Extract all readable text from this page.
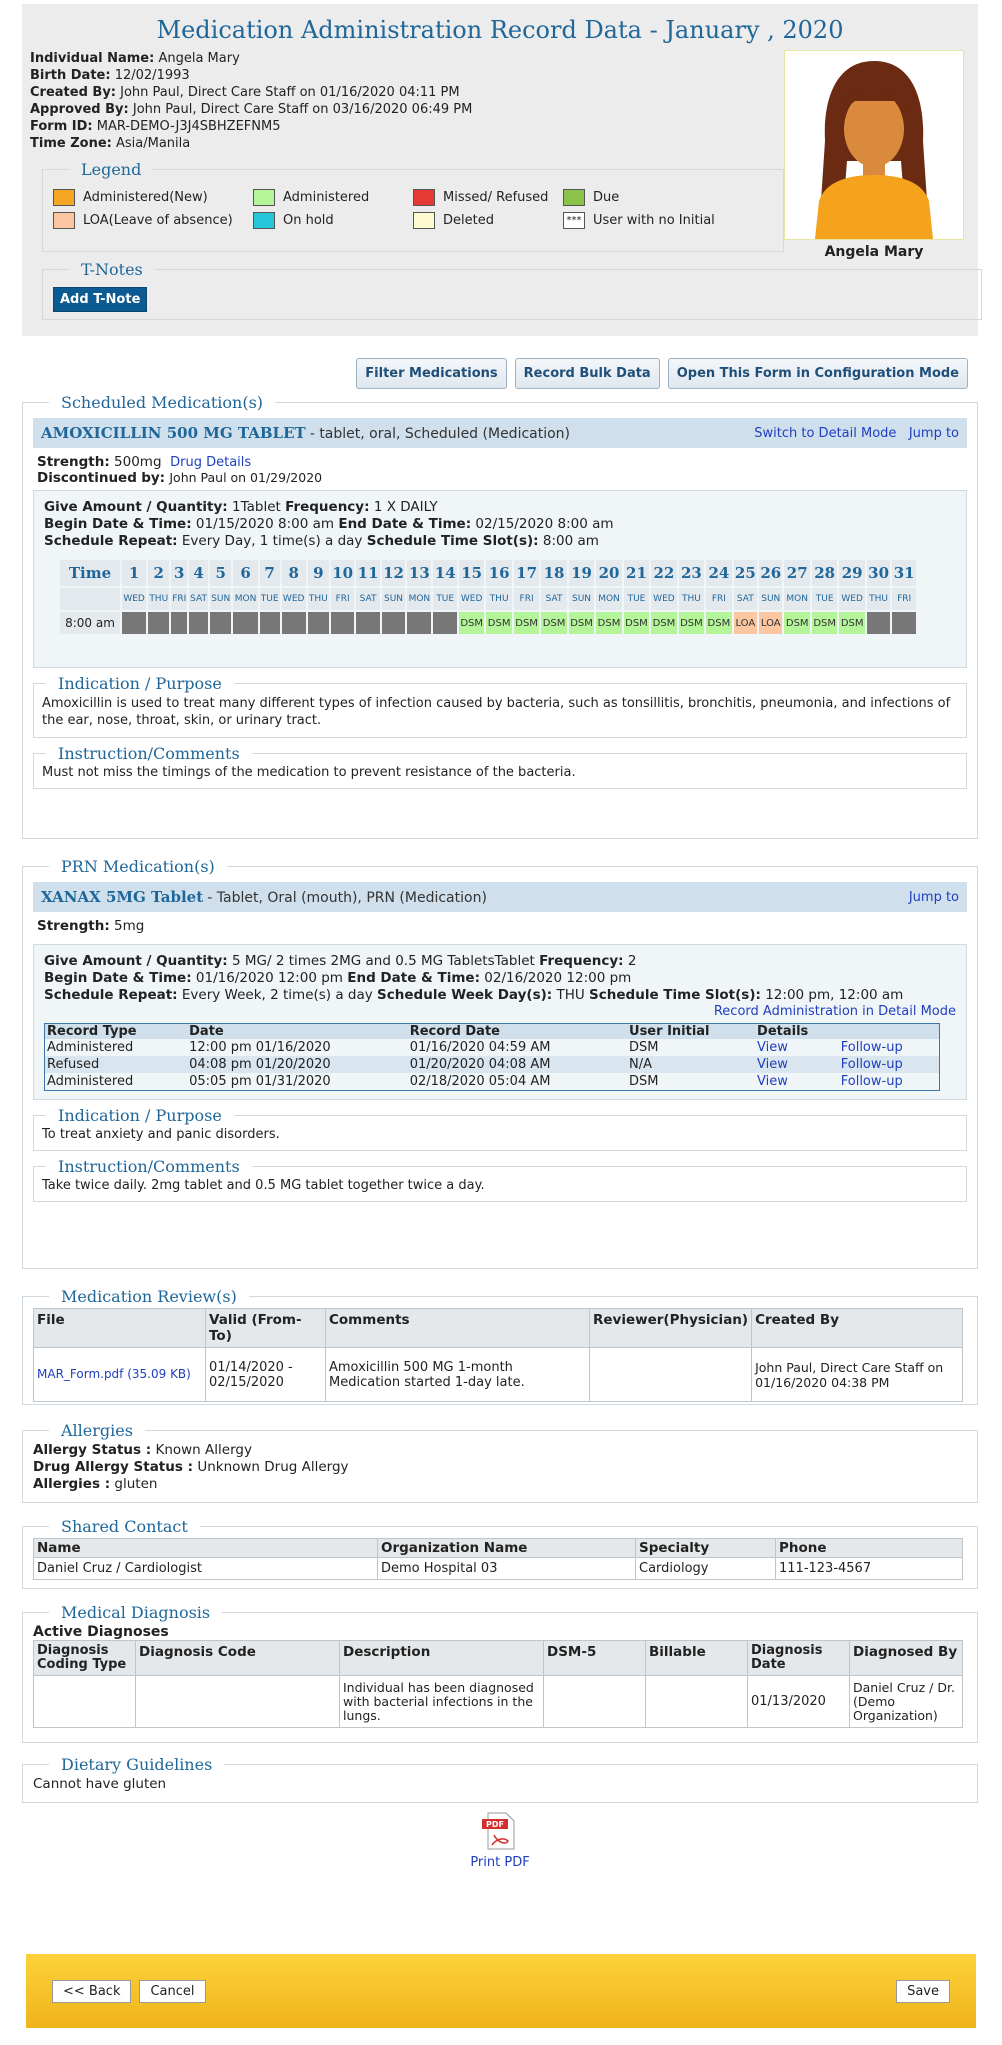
Medication Administration Record Data - January , 2020
Individual Name: Angela Mary
Birth Date: 12/02/1993
Created By: John Paul, Direct Care Staff on 01/16/2020 04:11 PM
Approved By: John Paul, Direct Care Staff on 03/16/2020 06:49 PM
Form ID: MAR-DEMO-J3J4SBHZEFNM5
Time Zone: Asia/Manila
Angela Mary
Legend
Administered(New)	Administered	Missed/ Refused	Due
LOA(Leave of absence)	On hold	Deleted	*** User with no Initial
T-Notes
Add T-Note
Filter Medications	Record Bulk Data	Open This Form in Configuration Mode
Scheduled Medication(s)
AMOXICILLIN 500 MG TABLET - tablet, oral, Scheduled (Medication)	Switch to Detail Mode Jump to
Strength: 500mg Drug Details
Discontinued by: John Paul on 01/29/2020
Give Amount / Quantity: 1Tablet Frequency: 1 X DAILY
Begin Date & Time: 01/15/2020 8:00 am End Date & Time: 02/15/2020 8:00 am
Schedule Repeat: Every Day, 1 time(s) a day Schedule Time Slot(s): 8:00 am
Time	1	2	3	4	5	6	7	8	9	10	11	12	13	14	15	16	17	18	19	20	21	22	23	24	25	26	27	28	29	30	31
	WED	THU	FRI	SAT	SUN	MON	TUE	WED	THU	FRI	SAT	SUN	MON	TUE	WED	THU	FRI	SAT	SUN	MON	TUE	WED	THU	FRI	SAT	SUN	MON	TUE	WED	THU	FRI
8:00 am															DSM	DSM	DSM	DSM	DSM	DSM	DSM	DSM	DSM	DSM	LOA	LOA	DSM	DSM	DSM		
Indication / Purpose
Amoxicillin is used to treat many different types of infection caused by bacteria, such as tonsillitis, bronchitis, pneumonia, and infections of the ear, nose, throat, skin, or urinary tract.
Instruction/Comments
Must not miss the timings of the medication to prevent resistance of the bacteria.
PRN Medication(s)
XANAX 5MG Tablet - Tablet, Oral (mouth), PRN (Medication)	Jump to
Strength: 5mg
Give Amount / Quantity: 5 MG/ 2 times 2MG and 0.5 MG TabletsTablet Frequency: 2
Begin Date & Time: 01/16/2020 12:00 pm End Date & Time: 02/16/2020 12:00 pm
Schedule Repeat: Every Week, 2 time(s) a day Schedule Week Day(s): THU Schedule Time Slot(s): 12:00 pm, 12:00 am
Record Administration in Detail Mode
Record Type	Date	Record Date	User Initial	Details	
Administered	12:00 pm 01/16/2020	01/16/2020 04:59 AM	DSM	View	Follow-up
Refused	04:08 pm 01/20/2020	01/20/2020 04:08 AM	N/A	View	Follow-up
Administered	05:05 pm 01/31/2020	02/18/2020 05:04 AM	DSM	View	Follow-up
Indication / Purpose
To treat anxiety and panic disorders.
Instruction/Comments
Take twice daily. 2mg tablet and 0.5 MG tablet together twice a day.
Medication Review(s)
File	Valid (From-To)	Comments	Reviewer(Physician)	Created By
MAR_Form.pdf (35.09 KB)	01/14/2020 - 02/15/2020	Amoxicillin 500 MG 1-month Medication started 1-day late.		John Paul, Direct Care Staff on 01/16/2020 04:38 PM
Allergies
Allergy Status : Known Allergy
Drug Allergy Status : Unknown Drug Allergy
Allergies : gluten
Shared Contact
Name	Organization Name	Specialty	Phone
Daniel Cruz / Cardiologist	Demo Hospital 03	Cardiology	111-123-4567
Medical Diagnosis
Active Diagnoses
Diagnosis Coding Type	Diagnosis Code	Description	DSM-5	Billable	Diagnosis Date	Diagnosed By
		Individual has been diagnosed with bacterial infections in the lungs.			01/13/2020	Daniel Cruz / Dr. (Demo Organization)
Dietary Guidelines
Cannot have gluten
PDF
Print PDF
<< Back Cancel	Save
